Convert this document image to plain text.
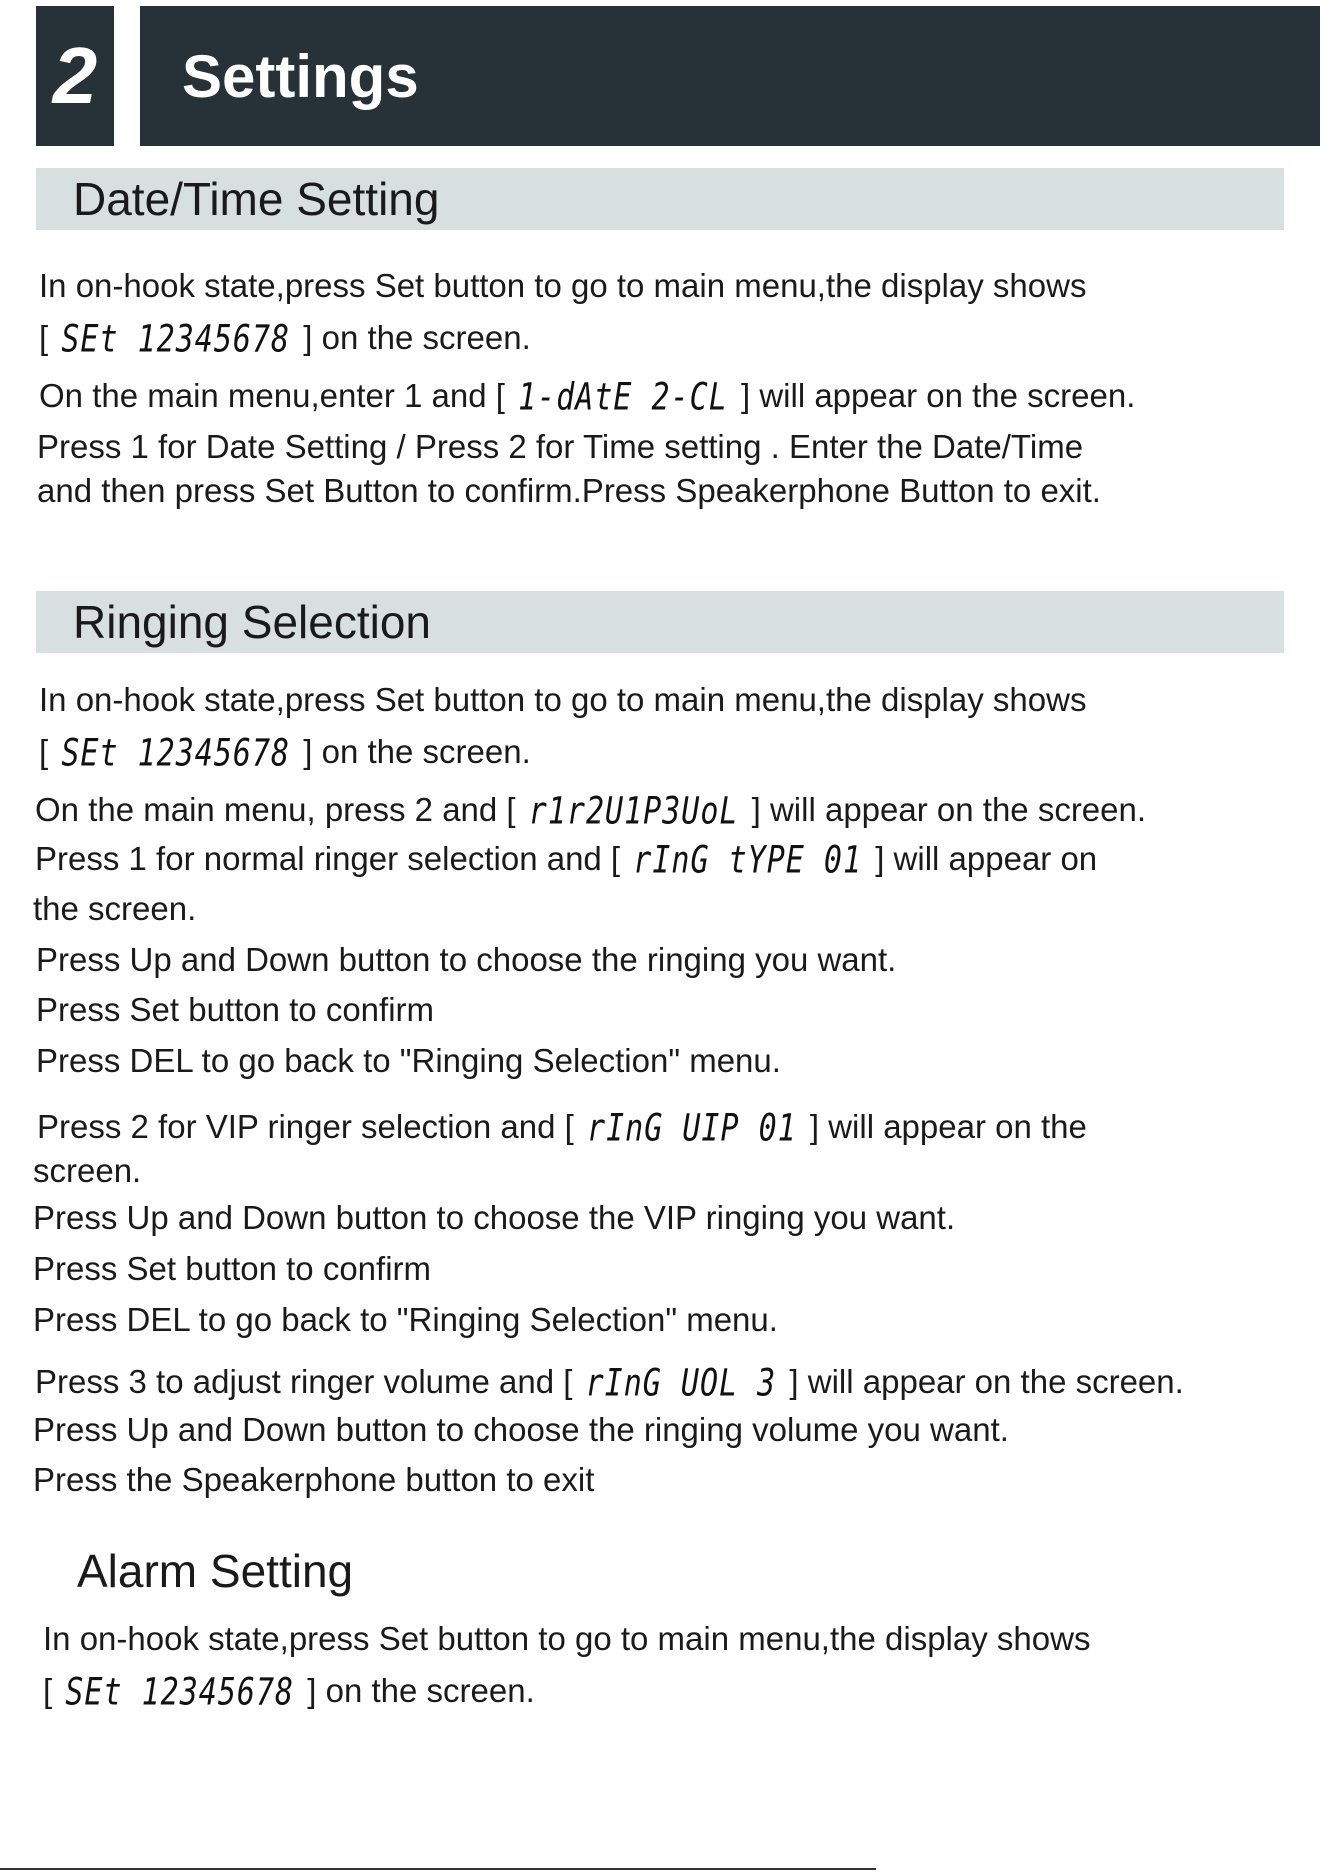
2	Settings
Date/Time Setting
In on-hook state,press Set button to go to main menu,the display shows
[ SEt 12345678 ] on the screen.
On the main menu,enter 1 and [ 1-dAtE 2-CL ] will appear on the screen.
Press 1 for Date Setting / Press 2 for Time setting . Enter the Date/Time
and then press Set Button to confirm.Press Speakerphone Button to exit.
Ringing Selection
In on-hook state,press Set button to go to main menu,the display shows
[ SEt 12345678 ] on the screen.
On the main menu, press 2 and [ r1r2U1P3UoL ] will appear on the screen.
Press 1 for normal ringer selection and [ rInG tYPE 01 ] will appear on
the screen.
Press Up and Down button to choose the ringing you want.
Press Set button to confirm
Press DEL to go back to "Ringing Selection" menu.
Press 2 for VIP ringer selection and [ rInG UIP 01 ] will appear on the
screen.
Press Up and Down button to choose the VIP ringing you want.
Press Set button to confirm
Press DEL to go back to "Ringing Selection" menu.
Press 3 to adjust ringer volume and [ rInG UOL 3 ] will appear on the screen.
Press Up and Down button to choose the ringing volume you want.
Press the Speakerphone button to exit
Alarm Setting
In on-hook state,press Set button to go to main menu,the display shows
[ SEt 12345678 ] on the screen.
